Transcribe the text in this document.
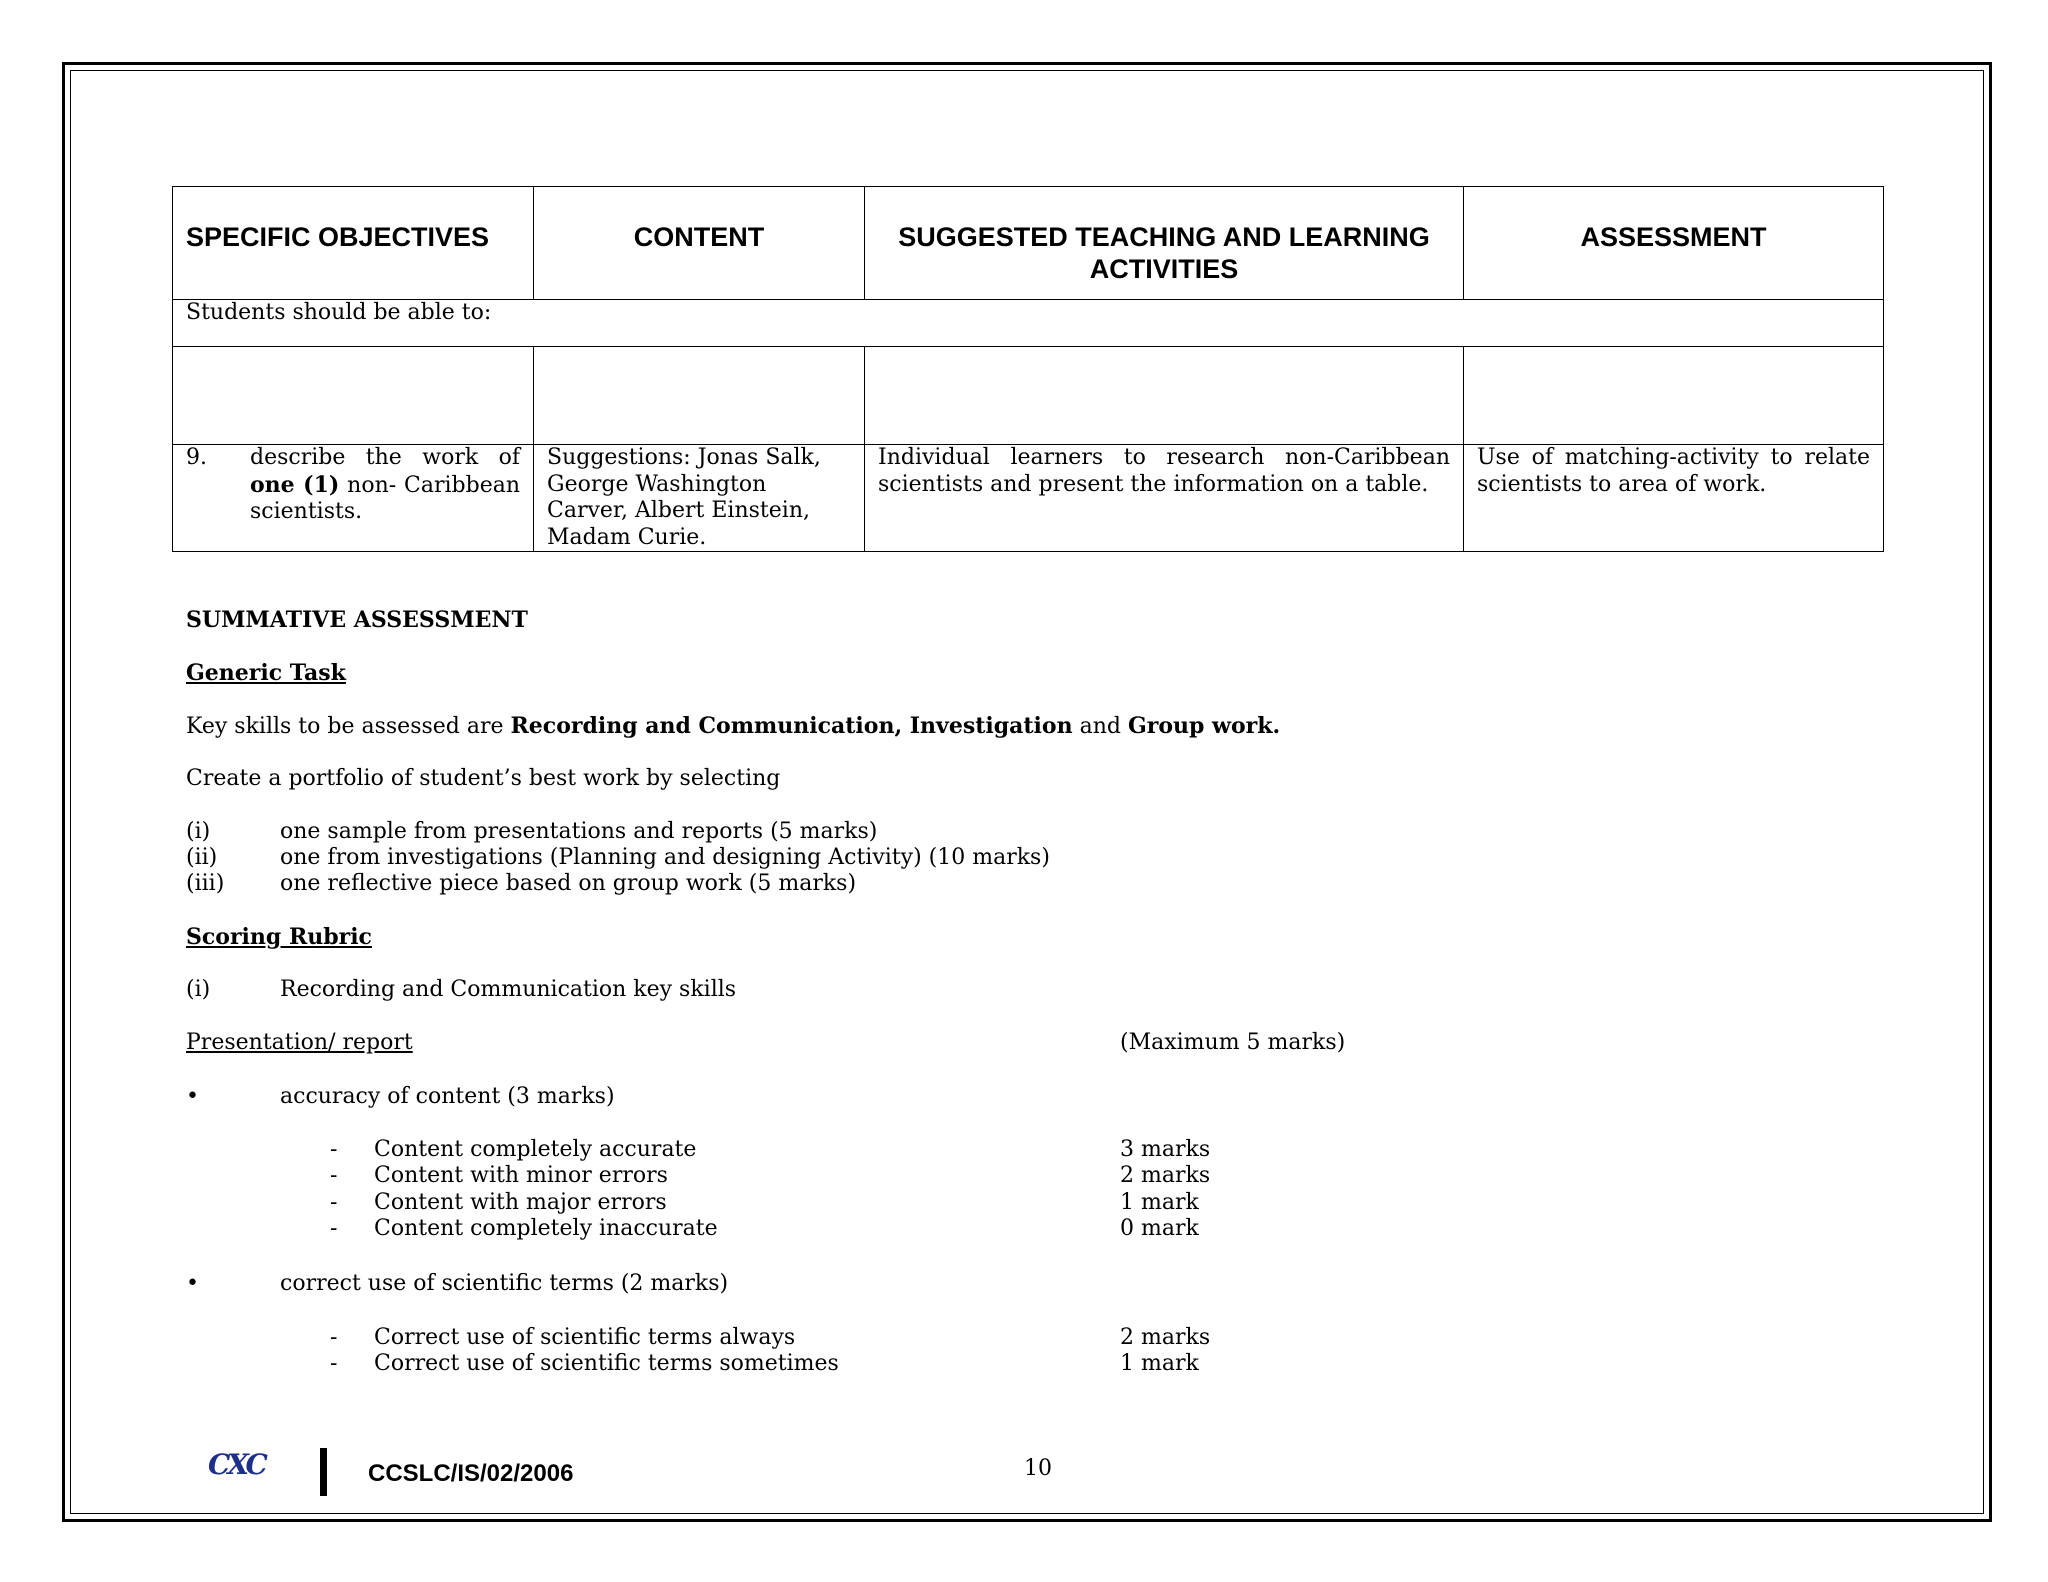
SPECIFIC OBJECTIVES	CONTENT	SUGGESTED TEACHING AND LEARNING ACTIVITIES	ASSESSMENT
Students should be able to:			

9. describe the work of one (1) non- Caribbean scientists.	Suggestions: Jonas Salk, George Washington Carver, Albert Einstein, Madam Curie.	Individual learners to research non-Caribbean scientists and present the information on a table.	Use of matching-activity to relate scientists to area of work.
SUMMATIVE ASSESSMENT
Generic Task
Key skills to be assessed are Recording and Communication, Investigation and Group work.
Create a portfolio of student’s best work by selecting
(i)	one sample from presentations and reports (5 marks)
(ii)	one from investigations (Planning and designing Activity) (10 marks)
(iii)	one reflective piece based on group work (5 marks)
Scoring Rubric
(i)	Recording and Communication key skills
Presentation/ report	(Maximum 5 marks)
•	accuracy of content (3 marks)
- Content completely accurate	3 marks
- Content with minor errors	2 marks
- Content with major errors	1 mark
- Content completely inaccurate	0 mark
•	correct use of scientific terms (2 marks)
- Correct use of scientific terms always	2 marks
- Correct use of scientific terms sometimes	1 mark
CXC	CCSLC/IS/02/2006	10
